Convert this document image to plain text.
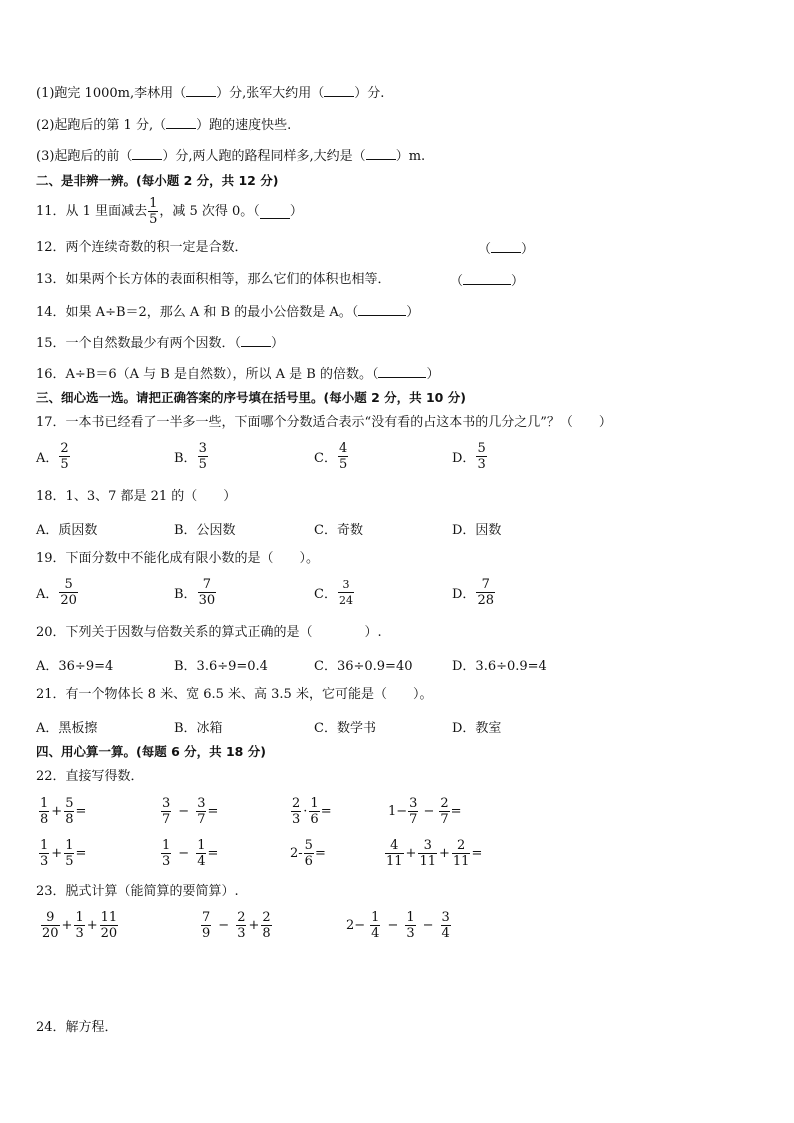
(1)跑完 1000m,李林用（ ）分,张军大约用（ ）分.
(2)起跑后的第 1 分,（ ）跑的速度快些.
(3)起跑后的前（ ）分,两人跑的路程同样多,大约是（ ）m.
二、是非辨一辨。(每小题 2 分，共 12 分)
11．从 1 里面减去 $\frac{1}{5}$ ，减 5 次得 0。（ ）
12．两个连续奇数的积一定是合数．	（ ）
13．如果两个长方体的表面积相等，那么它们的体积也相等．	（	）
14．如果 A÷B＝2，那么 A 和 B 的最小公倍数是 A。（	）
15．一个自然数最少有两个因数．（ ）
16．A÷B＝6（A 与 B 是自然数），所以 A 是 B 的倍数。（	）
三、细心选一选。请把正确答案的序号填在括号里。(每小题 2 分，共 10 分)
17．一本书已经看了一半多一些，下面哪个分数适合表示“没有看的占这本书的几分之几”？（　　）
A． $\frac{2}{5}$	B． $\frac{3}{5}$	C． $\frac{4}{5}$	D． $\frac{5}{3}$
18．1、3、7 都是 21 的（　　）
A．质因数	B．公因数	C．奇数	D．因数
19．下面分数中不能化成有限小数的是（　　）。
A． $\frac{5}{20}$	B． $\frac{7}{30}$	C． $\frac{3}{24}$	D． $\frac{7}{28}$
20．下列关于因数与倍数关系的算式正确的是（　　　　）.
A．36÷9=4	B．3.6÷9=0.4	C．36÷0.9=40	D．3.6÷0.9=4
21．有一个物体长 8 米、宽 6.5 米、高 3.5 米，它可能是（　　）。
A．黑板擦	B．冰箱	C．数学书	D．教室
四、用心算一算。(每题 6 分，共 18 分)
22．直接写得数．
$\frac{1}{8} + \frac{5}{8}$ =	$\frac{3}{7} - \frac{3}{7}$ =	$\frac{2}{3} \cdot \frac{1}{6}$ =	$1- \frac{3}{7} - \frac{2}{7}$ =
$\frac{1}{3} + \frac{1}{5}$ =	$\frac{1}{3} - \frac{1}{4}$ =	$2- \frac{5}{6}$ =	$\frac{4}{11} + \frac{3}{11} + \frac{2}{11}$ =
23．脱式计算（能简算的要简算）.
$\frac{9}{20} + \frac{1}{3} + \frac{11}{20}$	$\frac{7}{9} - \frac{2}{3} + \frac{2}{8}$	$2- \frac{1}{4} - \frac{1}{3} - \frac{3}{4}$
24．解方程．
